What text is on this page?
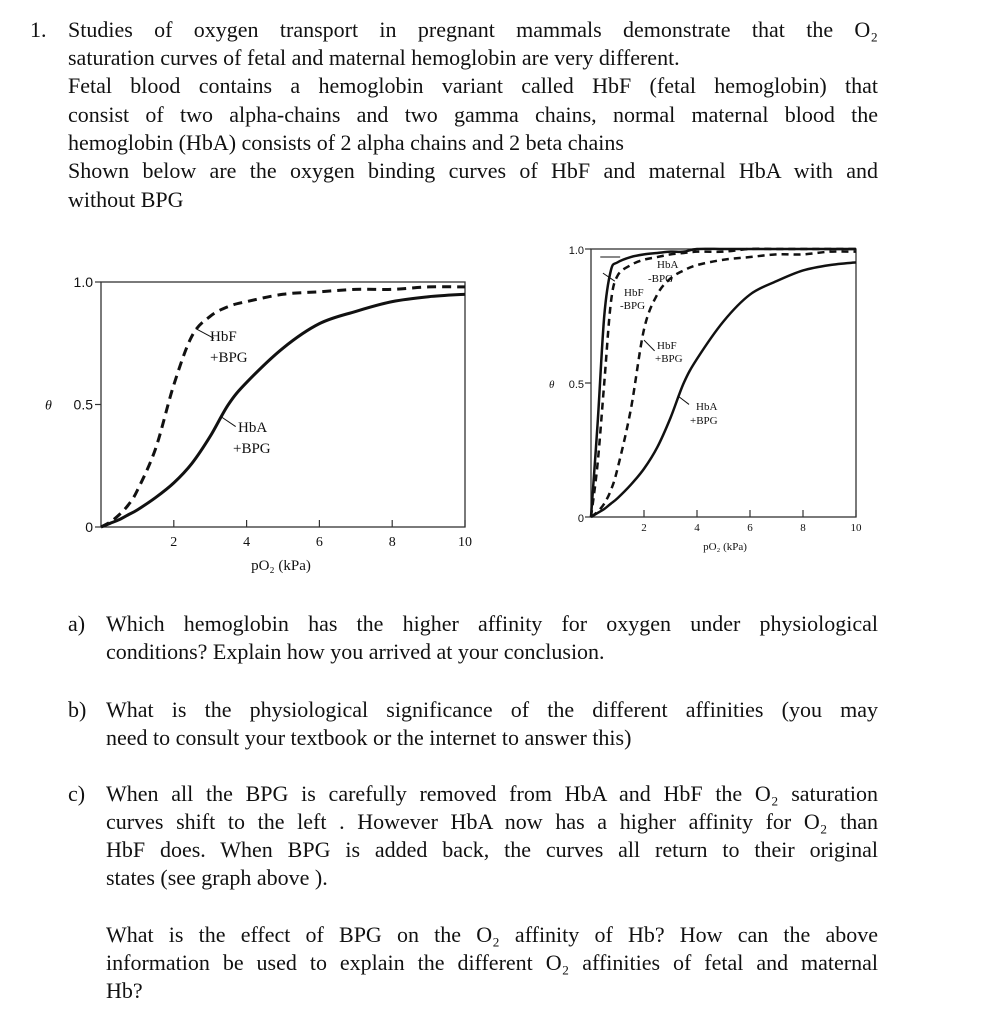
1. Studies of oxygen transport in pregnant mammals demonstrate that the O₂
saturation curves of fetal and maternal hemoglobin are very different.
Fetal blood contains a hemoglobin variant called HbF (fetal hemoglobin) that
consist of two alpha-chains and two gamma chains, normal maternal blood the
hemoglobin (HbA) consists of 2 alpha chains and 2 beta chains
Shown below are the oxygen binding curves of HbF and maternal HbA with and
without BPG
2	4	6	8	10
0
0.5
1.0
θ
pO₂ (kPa)
HbF
+BPG
HbA
+BPG
2	4	6	8	10
0
0.5
1.0
θ
pO₂ (kPa)
HbA
-BPG
HbF
-BPG
HbF
+BPG
HbA
+BPG
a) Which hemoglobin has the higher affinity for oxygen under physiological
conditions? Explain how you arrived at your conclusion.
b) What is the physiological significance of the different affinities (you may
need to consult your textbook or the internet to answer this)
c) When all the BPG is carefully removed from HbA and HbF the O₂ saturation
curves shift to the left . However HbA now has a higher affinity for O₂ than
HbF does. When BPG is added back, the curves all return to their original
states (see graph above ).
What is the effect of BPG on the O₂ affinity of Hb? How can the above
information be used to explain the different O₂ affinities of fetal and maternal
Hb?
